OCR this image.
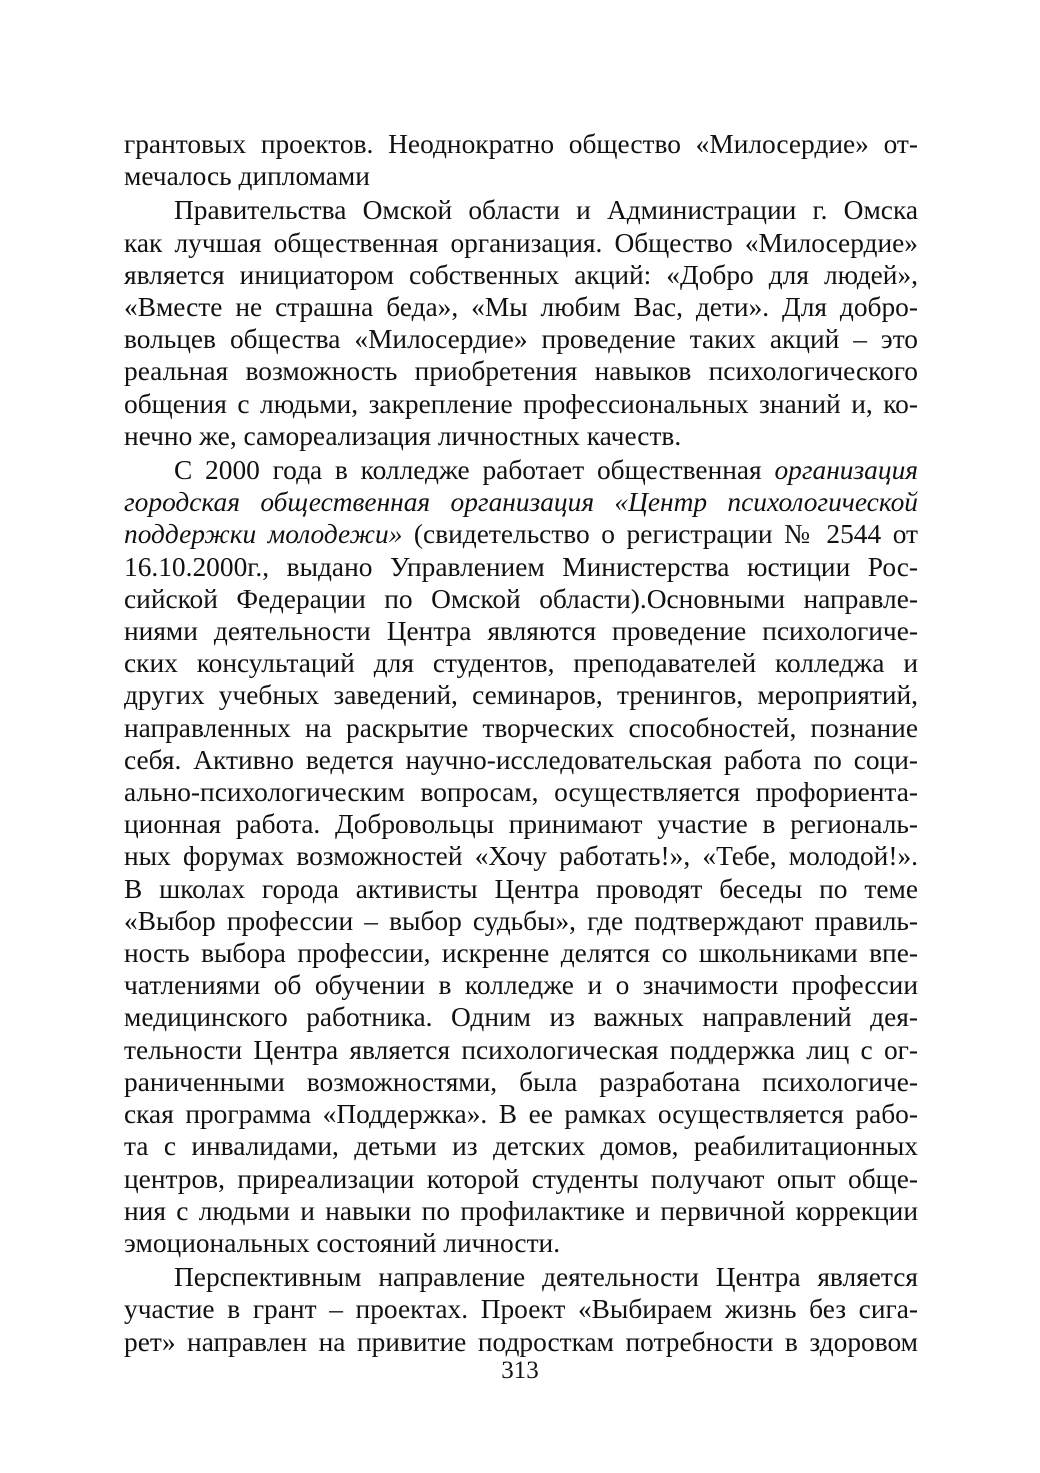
грантовых проектов. Неоднократно общество «Милосердие» от-
мечалось дипломами
Правительства Омской области и Администрации г. Омска
как лучшая общественная организация. Общество «Милосердие»
является инициатором собственных акций: «Добро для людей»,
«Вместе не страшна беда», «Мы любим Вас, дети». Для добро-
вольцев общества «Милосердие» проведение таких акций – это
реальная возможность приобретения навыков психологического
общения с людьми, закрепление профессиональных знаний и, ко-
нечно же, самореализация личностных качеств.
С 2000 года в колледже работает общественная организация
городская общественная организация «Центр психологической
поддержки молодежи» (свидетельство о регистрации № 2544 от
16.10.2000г., выдано Управлением Министерства юстиции Рос-
сийской Федерации по Омской области).Основными направле-
ниями деятельности Центра являются проведение психологиче-
ских консультаций для студентов, преподавателей колледжа и
других учебных заведений, семинаров, тренингов, мероприятий,
направленных на раскрытие творческих способностей, познание
себя. Активно ведется научно-исследовательская работа по соци-
ально-психологическим вопросам, осуществляется профориента-
ционная работа. Добровольцы принимают участие в региональ-
ных форумах возможностей «Хочу работать!», «Тебе, молодой!».
В школах города активисты Центра проводят беседы по теме
«Выбор профессии – выбор судьбы», где подтверждают правиль-
ность выбора профессии, искренне делятся со школьниками впе-
чатлениями об обучении в колледже и о значимости профессии
медицинского работника. Одним из важных направлений дея-
тельности Центра является психологическая поддержка лиц с ог-
раниченными возможностями, была разработана психологиче-
ская программа «Поддержка». В ее рамках осуществляется рабо-
та с инвалидами, детьми из детских домов, реабилитационных
центров, приреализации которой студенты получают опыт обще-
ния с людьми и навыки по профилактике и первичной коррекции
эмоциональных состояний личности.
Перспективным направление деятельности Центра является
участие в грант – проектах. Проект «Выбираем жизнь без сига-
рет» направлен на привитие подросткам потребности в здоровом
313
